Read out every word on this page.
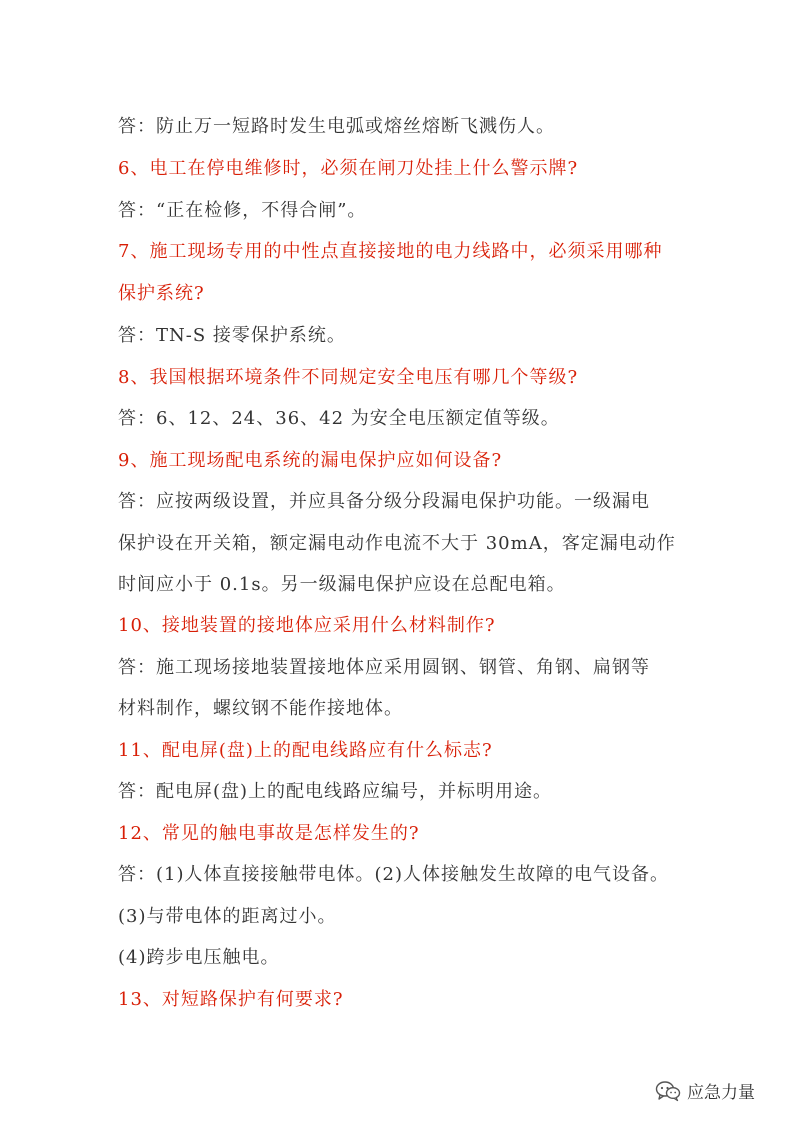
答：防止万一短路时发生电弧或熔丝熔断飞溅伤人。
6、电工在停电维修时，必须在闸刀处挂上什么警示牌?
答：“正在检修，不得合闸”。
7、施工现场专用的中性点直接接地的电力线路中，必须采用哪种
保护系统?
答：TN-S 接零保护系统。
8、我国根据环境条件不同规定安全电压有哪几个等级?
答：6、12、24、36、42 为安全电压额定值等级。
9、施工现场配电系统的漏电保护应如何设备?
答：应按两级设置，并应具备分级分段漏电保护功能。一级漏电
保护设在开关箱，额定漏电动作电流不大于 30mA，客定漏电动作
时间应小于 0.1s。另一级漏电保护应设在总配电箱。
10、接地装置的接地体应采用什么材料制作?
答：施工现场接地装置接地体应采用圆钢、钢管、角钢、扁钢等
材料制作，螺纹钢不能作接地体。
11、配电屏(盘)上的配电线路应有什么标志?
答：配电屏(盘)上的配电线路应编号，并标明用途。
12、常见的触电事故是怎样发生的?
答：(1)人体直接接触带电体。(2)人体接触发生故障的电气设备。
(3)与带电体的距离过小。
(4)跨步电压触电。
13、对短路保护有何要求?
应急力量
